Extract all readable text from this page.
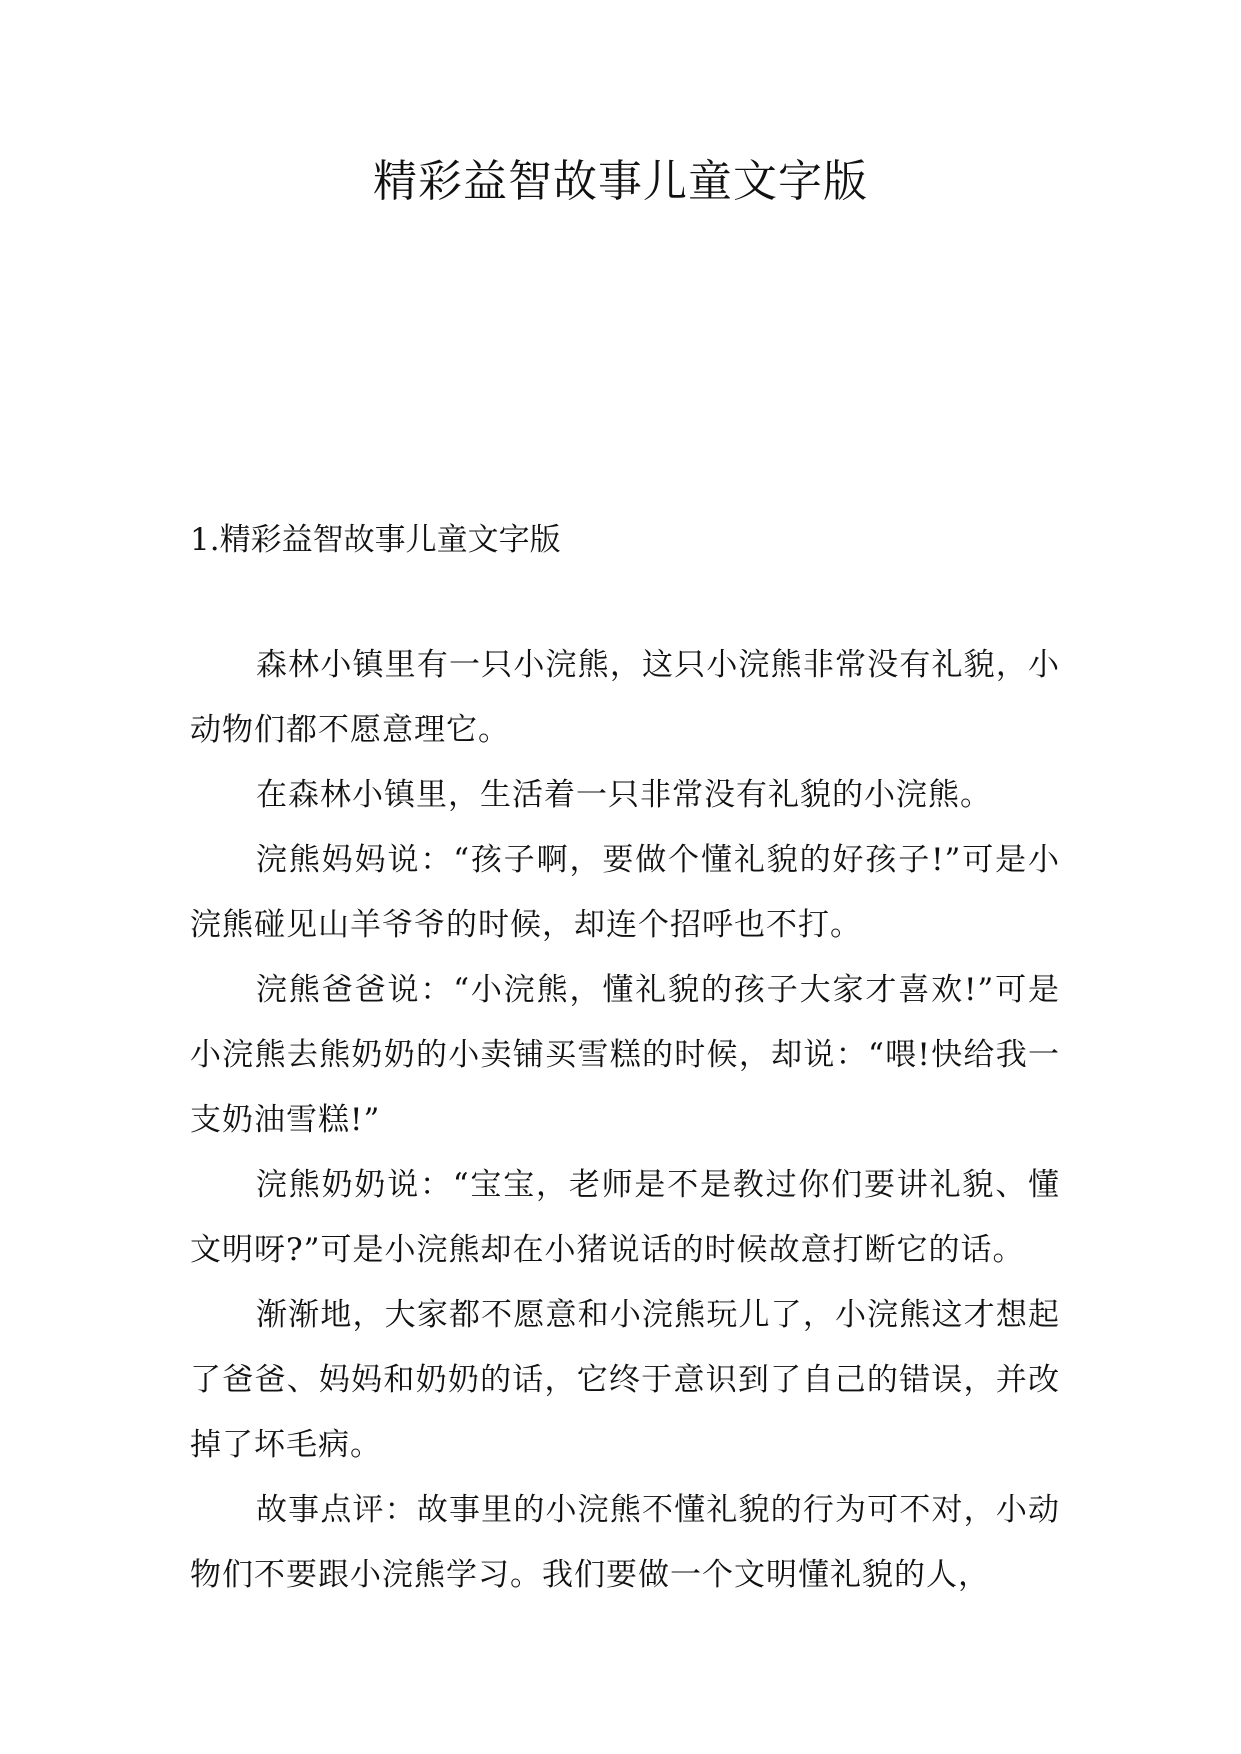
精彩益智故事儿童文字版
1.精彩益智故事儿童文字版

森林小镇里有一只小浣熊，这只小浣熊非常没有礼貌，小动物们都不愿意理它。

在森林小镇里，生活着一只非常没有礼貌的小浣熊。

浣熊妈妈说：“孩子啊，要做个懂礼貌的好孩子!”可是小浣熊碰见山羊爷爷的时候，却连个招呼也不打。

浣熊爸爸说：“小浣熊，懂礼貌的孩子大家才喜欢!”可是小浣熊去熊奶奶的小卖铺买雪糕的时候，却说：“喂!快给我一支奶油雪糕!”

浣熊奶奶说：“宝宝，老师是不是教过你们要讲礼貌、懂文明呀?”可是小浣熊却在小猪说话的时候故意打断它的话。

渐渐地，大家都不愿意和小浣熊玩儿了，小浣熊这才想起了爸爸、妈妈和奶奶的话，它终于意识到了自己的错误，并改掉了坏毛病。

故事点评：故事里的小浣熊不懂礼貌的行为可不对，小动物们不要跟小浣熊学习。我们要做一个文明懂礼貌的人，
